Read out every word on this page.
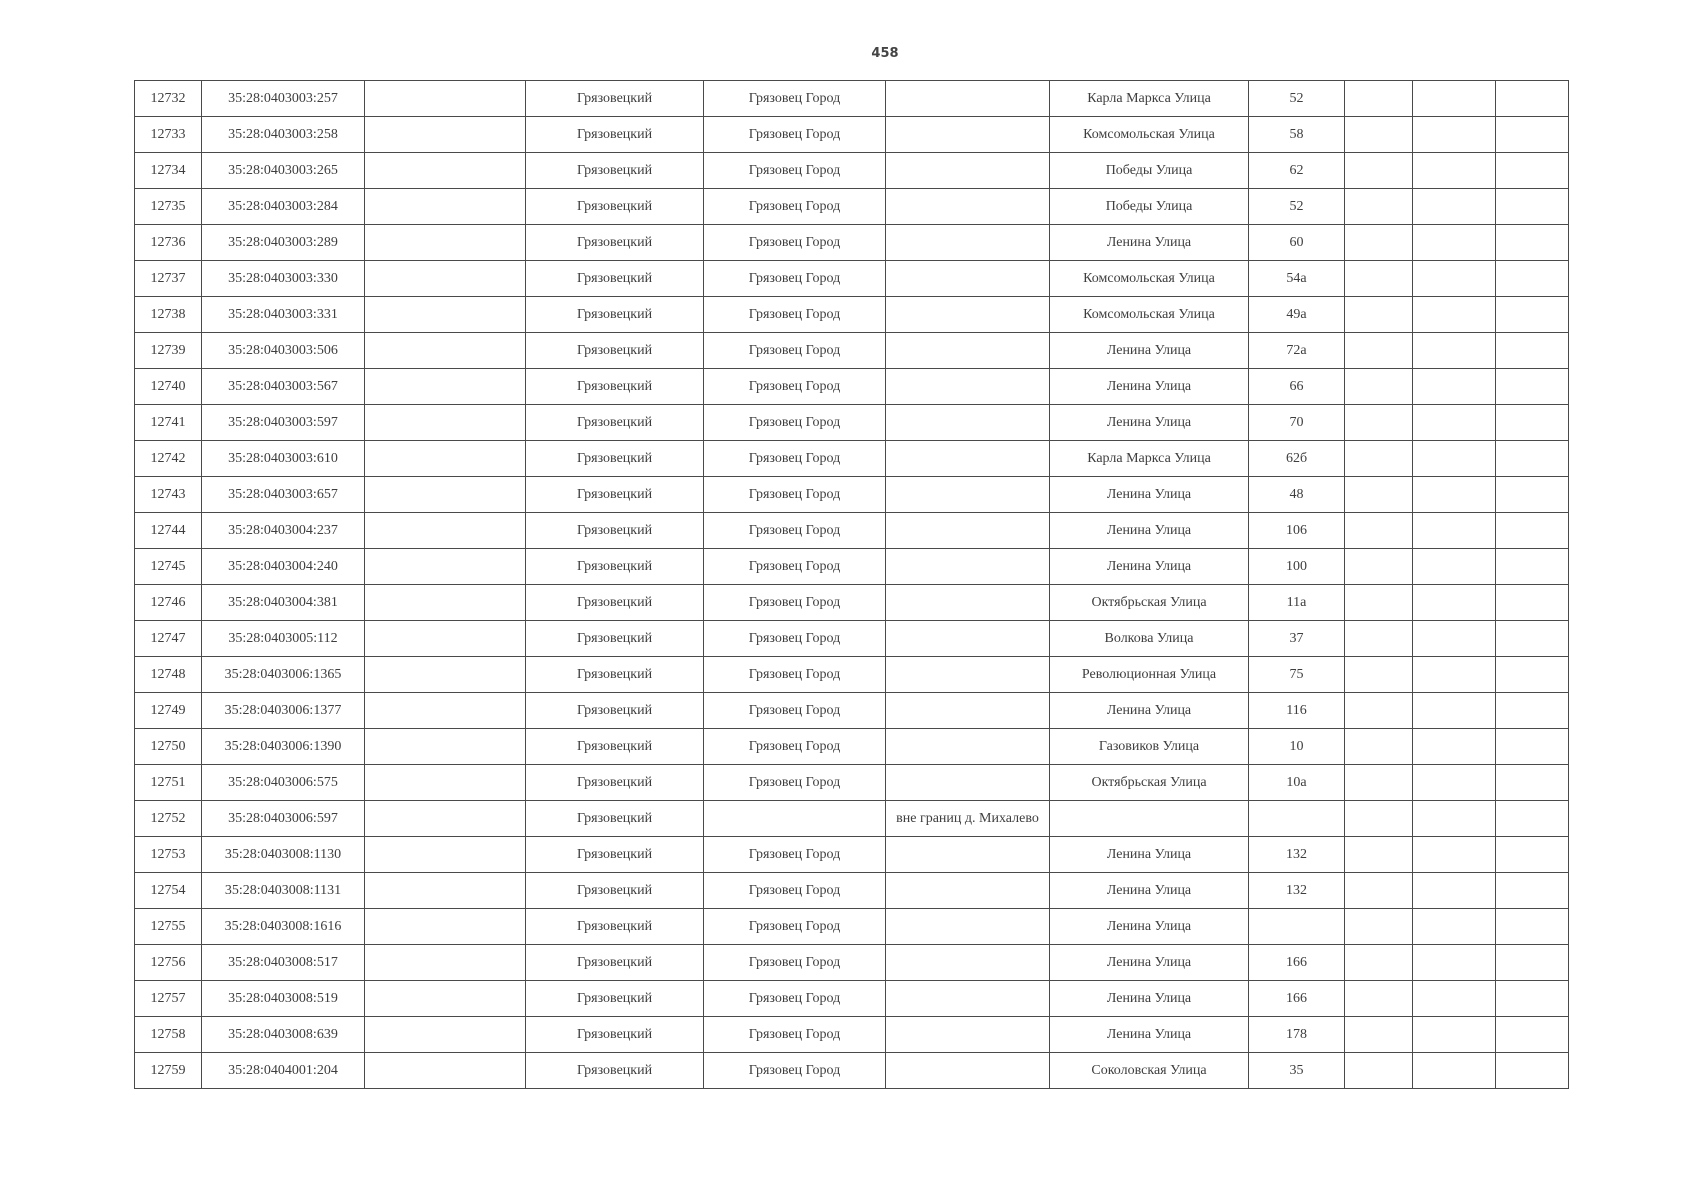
458
12732	35:28:0403003:257		Грязовецкий	Грязовец Город		Карла Маркса Улица	52			
12733	35:28:0403003:258		Грязовецкий	Грязовец Город		Комсомольская Улица	58			
12734	35:28:0403003:265		Грязовецкий	Грязовец Город		Победы Улица	62			
12735	35:28:0403003:284		Грязовецкий	Грязовец Город		Победы Улица	52			
12736	35:28:0403003:289		Грязовецкий	Грязовец Город		Ленина Улица	60			
12737	35:28:0403003:330		Грязовецкий	Грязовец Город		Комсомольская Улица	54а			
12738	35:28:0403003:331		Грязовецкий	Грязовец Город		Комсомольская Улица	49а			
12739	35:28:0403003:506		Грязовецкий	Грязовец Город		Ленина Улица	72а			
12740	35:28:0403003:567		Грязовецкий	Грязовец Город		Ленина Улица	66			
12741	35:28:0403003:597		Грязовецкий	Грязовец Город		Ленина Улица	70			
12742	35:28:0403003:610		Грязовецкий	Грязовец Город		Карла Маркса Улица	62б			
12743	35:28:0403003:657		Грязовецкий	Грязовец Город		Ленина Улица	48			
12744	35:28:0403004:237		Грязовецкий	Грязовец Город		Ленина Улица	106			
12745	35:28:0403004:240		Грязовецкий	Грязовец Город		Ленина Улица	100			
12746	35:28:0403004:381		Грязовецкий	Грязовец Город		Октябрьская Улица	11а			
12747	35:28:0403005:112		Грязовецкий	Грязовец Город		Волкова Улица	37			
12748	35:28:0403006:1365		Грязовецкий	Грязовец Город		Революционная Улица	75			
12749	35:28:0403006:1377		Грязовецкий	Грязовец Город		Ленина Улица	116			
12750	35:28:0403006:1390		Грязовецкий	Грязовец Город		Газовиков Улица	10			
12751	35:28:0403006:575		Грязовецкий	Грязовец Город		Октябрьская Улица	10а			
12752	35:28:0403006:597		Грязовецкий		вне границ д. Михалево					
12753	35:28:0403008:1130		Грязовецкий	Грязовец Город		Ленина Улица	132			
12754	35:28:0403008:1131		Грязовецкий	Грязовец Город		Ленина Улица	132			
12755	35:28:0403008:1616		Грязовецкий	Грязовец Город		Ленина Улица				
12756	35:28:0403008:517		Грязовецкий	Грязовец Город		Ленина Улица	166			
12757	35:28:0403008:519		Грязовецкий	Грязовец Город		Ленина Улица	166			
12758	35:28:0403008:639		Грязовецкий	Грязовец Город		Ленина Улица	178			
12759	35:28:0404001:204		Грязовецкий	Грязовец Город		Соколовская Улица	35			
